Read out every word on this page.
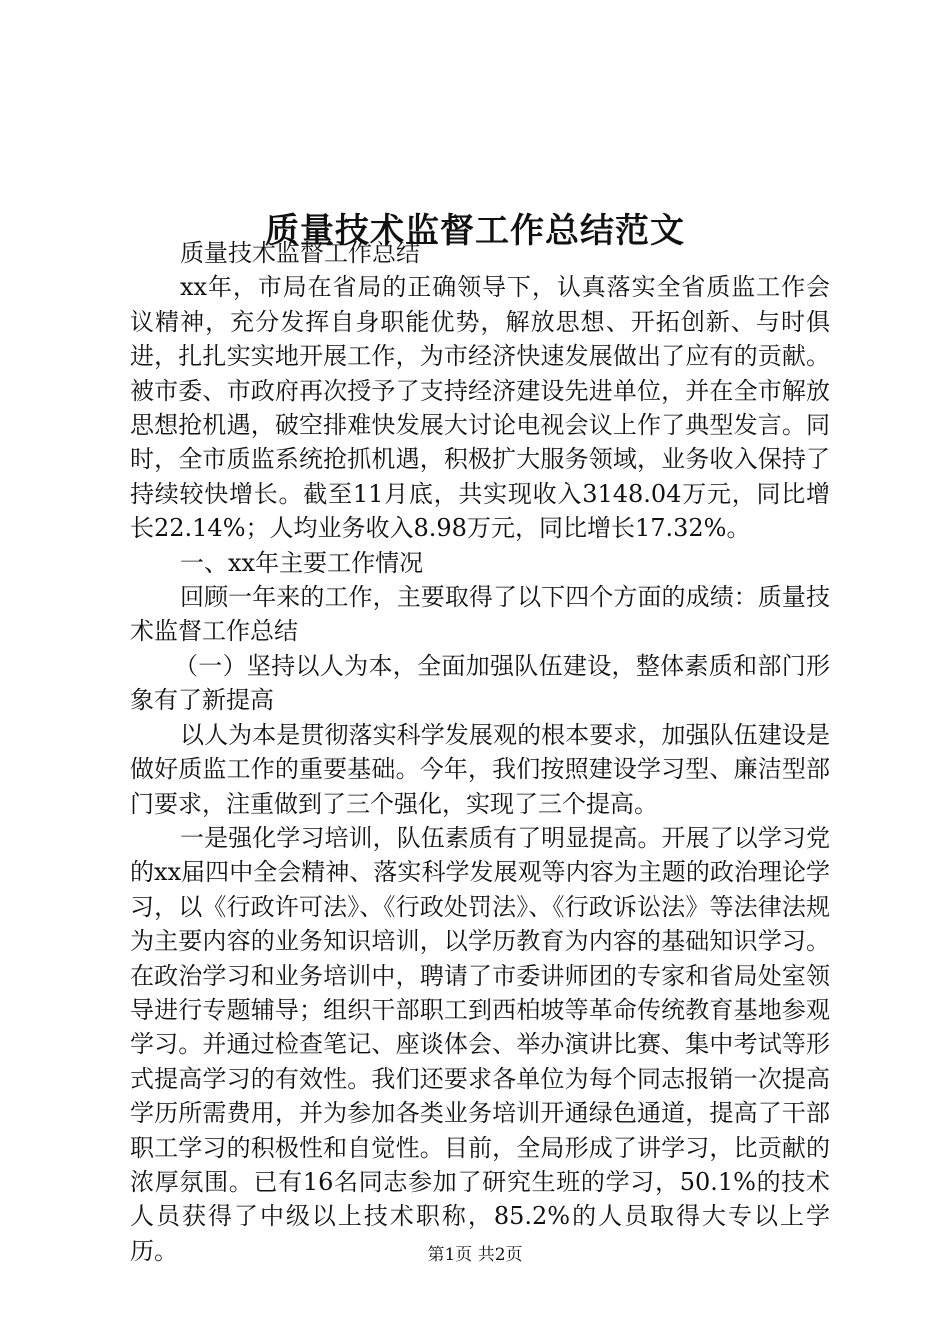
质量技术监督工作总结范文

质量技术监督工作总结

xx年，市局在省局的正确领导下，认真落实全省质监工作会议精神，充分发挥自身职能优势，解放思想、开拓创新、与时俱进，扎扎实实地开展工作，为市经济快速发展做出了应有的贡献。被市委、市政府再次授予了支持经济建设先进单位，并在全市解放思想抢机遇，破空排难快发展大讨论电视会议上作了典型发言。同时，全市质监系统抢抓机遇，积极扩大服务领域，业务收入保持了持续较快增长。截至11月底，共实现收入3148.04万元，同比增长22.14%；人均业务收入8.98万元，同比增长17.32%。

一、xx年主要工作情况

回顾一年来的工作，主要取得了以下四个方面的成绩：质量技术监督工作总结

（一）坚持以人为本，全面加强队伍建设，整体素质和部门形象有了新提高

以人为本是贯彻落实科学发展观的根本要求，加强队伍建设是做好质监工作的重要基础。今年，我们按照建设学习型、廉洁型部门要求，注重做到了三个强化，实现了三个提高。

一是强化学习培训，队伍素质有了明显提高。开展了以学习党的xx届四中全会精神、落实科学发展观等内容为主题的政治理论学习，以《行政许可法》、《行政处罚法》、《行政诉讼法》等法律法规为主要内容的业务知识培训，以学历教育为内容的基础知识学习。在政治学习和业务培训中，聘请了市委讲师团的专家和省局处室领导进行专题辅导；组织干部职工到西柏坡等革命传统教育基地参观学习。并通过检查笔记、座谈体会、举办演讲比赛、集中考试等形式提高学习的有效性。我们还要求各单位为每个同志报销一次提高学历所需费用，并为参加各类业务培训开通绿色通道，提高了干部职工学习的积极性和自觉性。目前，全局形成了讲学习，比贡献的浓厚氛围。已有16名同志参加了研究生班的学习，50.1%的技术人员获得了中级以上技术职称，85.2%的人员取得大专以上学历。	第1页 共2页
